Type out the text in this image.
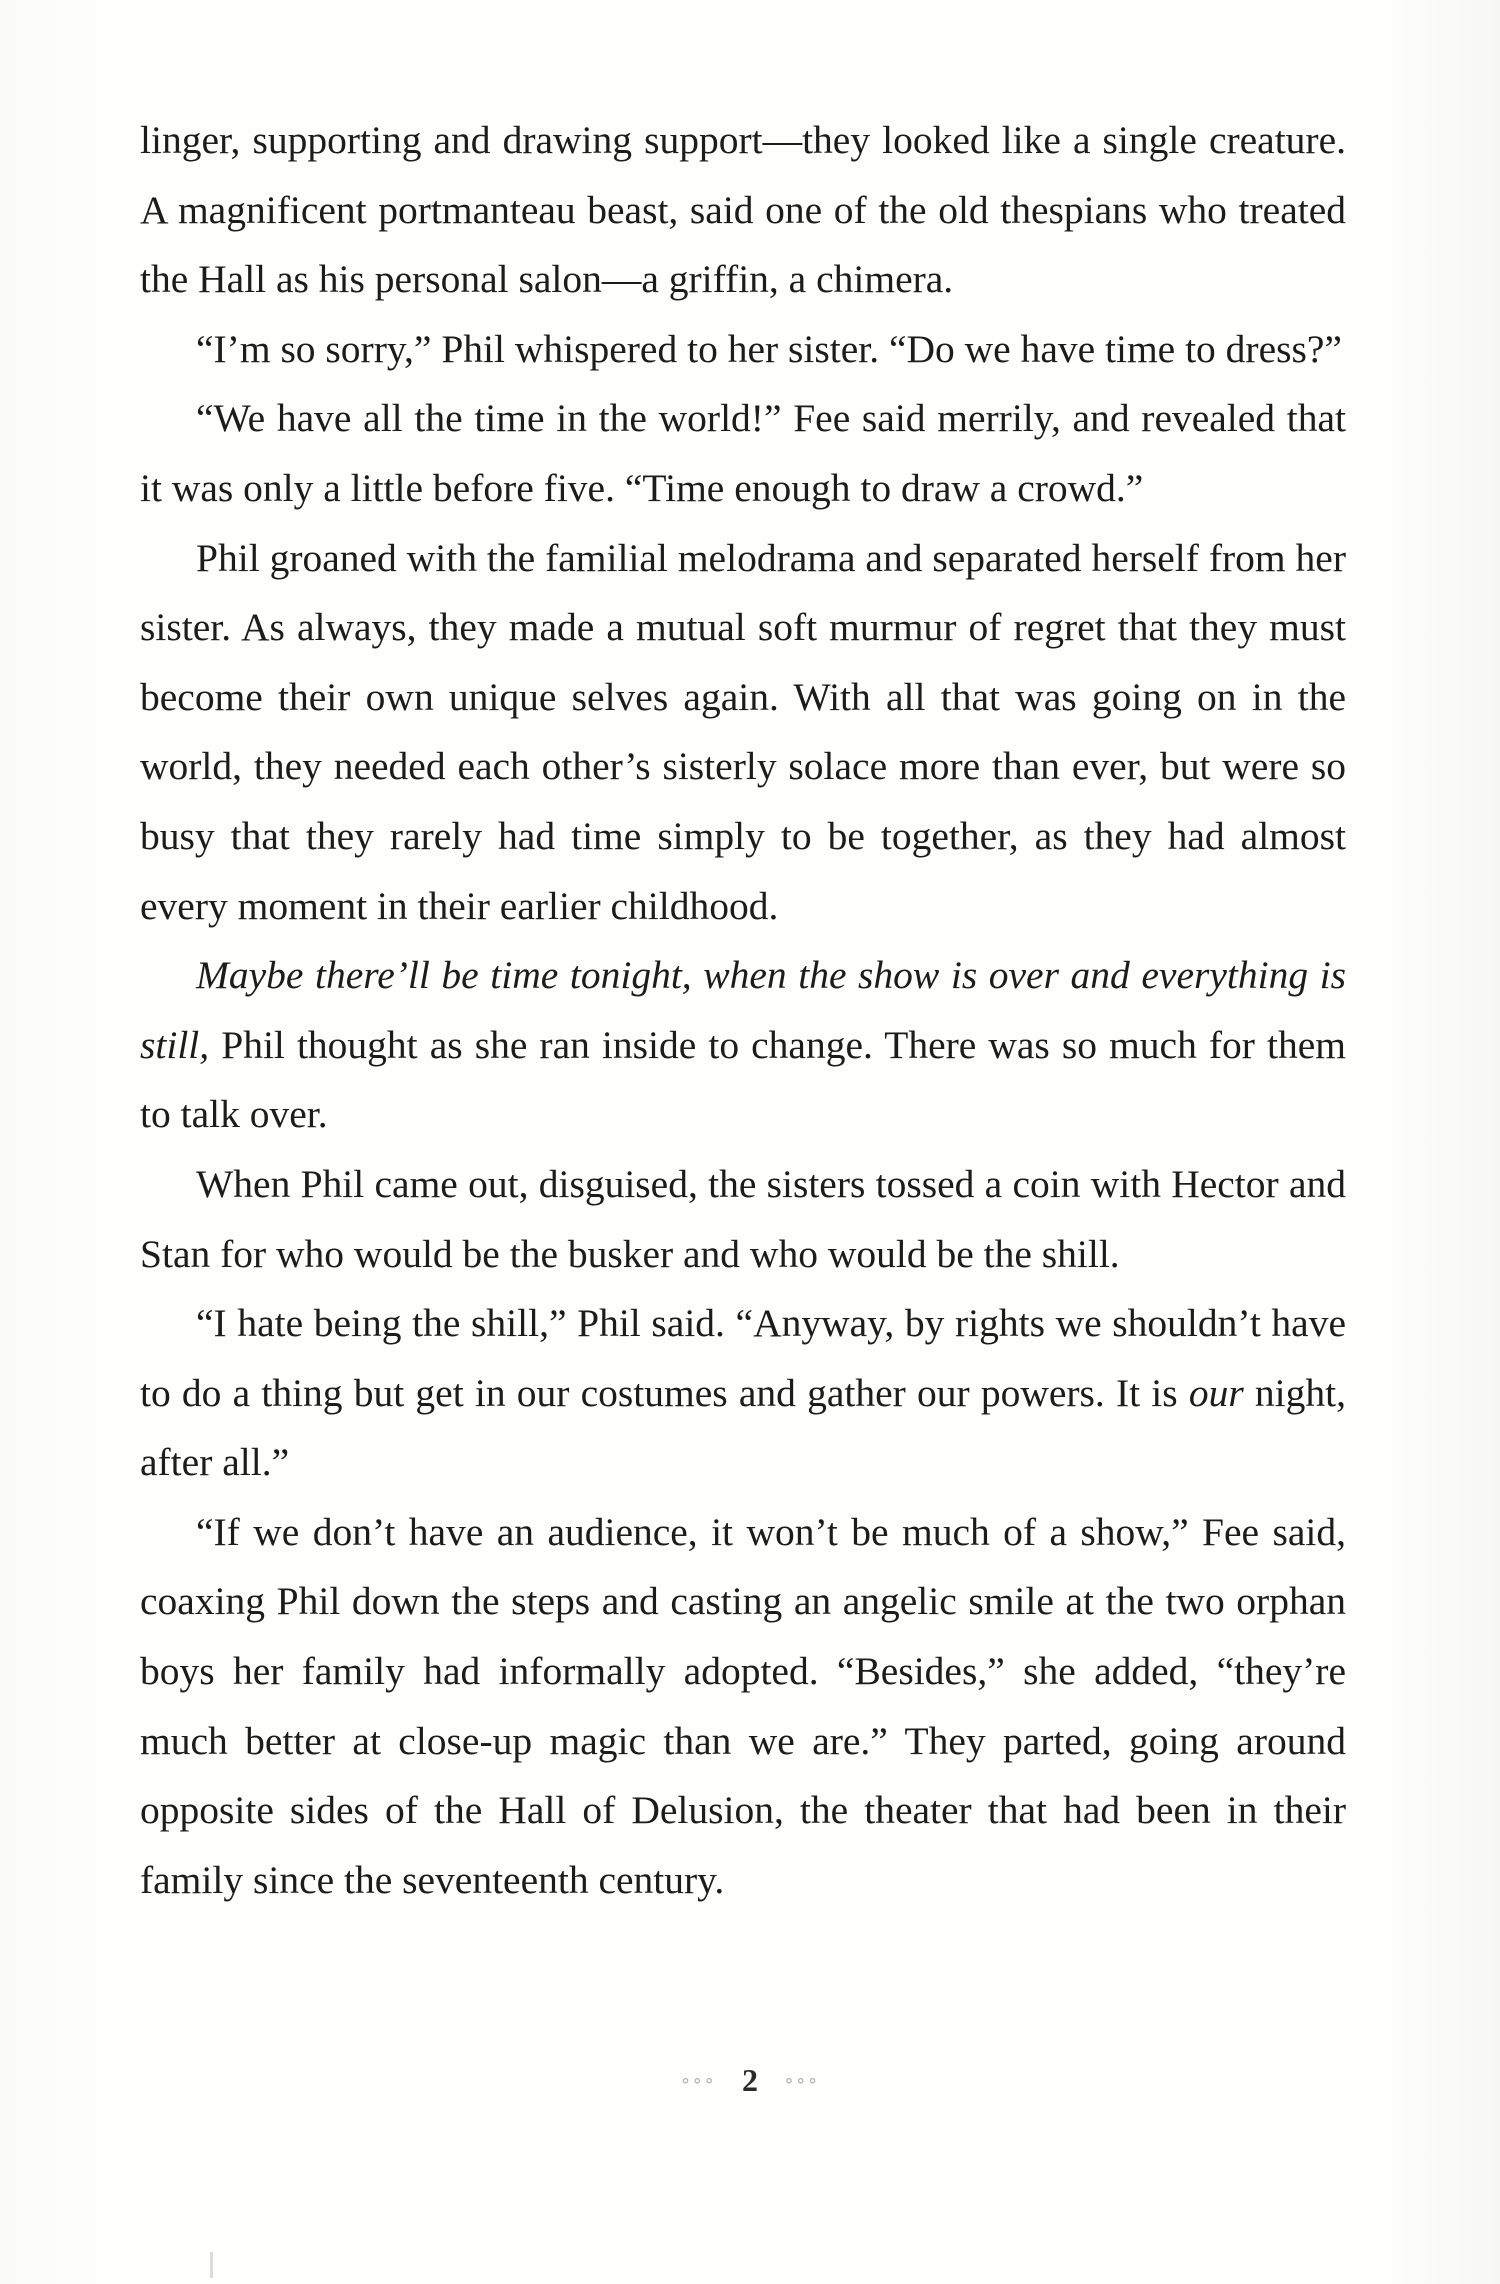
linger, supporting and drawing support—they looked like a single creature. A magnificent portmanteau beast, said one of the old thespians who treated the Hall as his personal salon—a griffin, a chimera.

“I’m so sorry,” Phil whispered to her sister. “Do we have time to dress?”

“We have all the time in the world!” Fee said merrily, and revealed that it was only a little before five. “Time enough to draw a crowd.”

Phil groaned with the familial melodrama and separated herself from her sister. As always, they made a mutual soft murmur of regret that they must become their own unique selves again. With all that was going on in the world, they needed each other’s sisterly solace more than ever, but were so busy that they rarely had time simply to be together, as they had almost every moment in their earlier childhood.

Maybe there’ll be time tonight, when the show is over and everything is still, Phil thought as she ran inside to change. There was so much for them to talk over.

When Phil came out, disguised, the sisters tossed a coin with Hector and Stan for who would be the busker and who would be the shill.

“I hate being the shill,” Phil said. “Anyway, by rights we shouldn’t have to do a thing but get in our costumes and gather our powers. It is our night, after all.”

“If we don’t have an audience, it won’t be much of a show,” Fee said, coaxing Phil down the steps and casting an angelic smile at the two orphan boys her family had informally adopted. “Besides,” she added, “they’re much better at close-up magic than we are.” They parted, going around opposite sides of the Hall of Delusion, the theater that had been in their family since the seventeenth century.

∘∘∘ 2 ∘∘∘
